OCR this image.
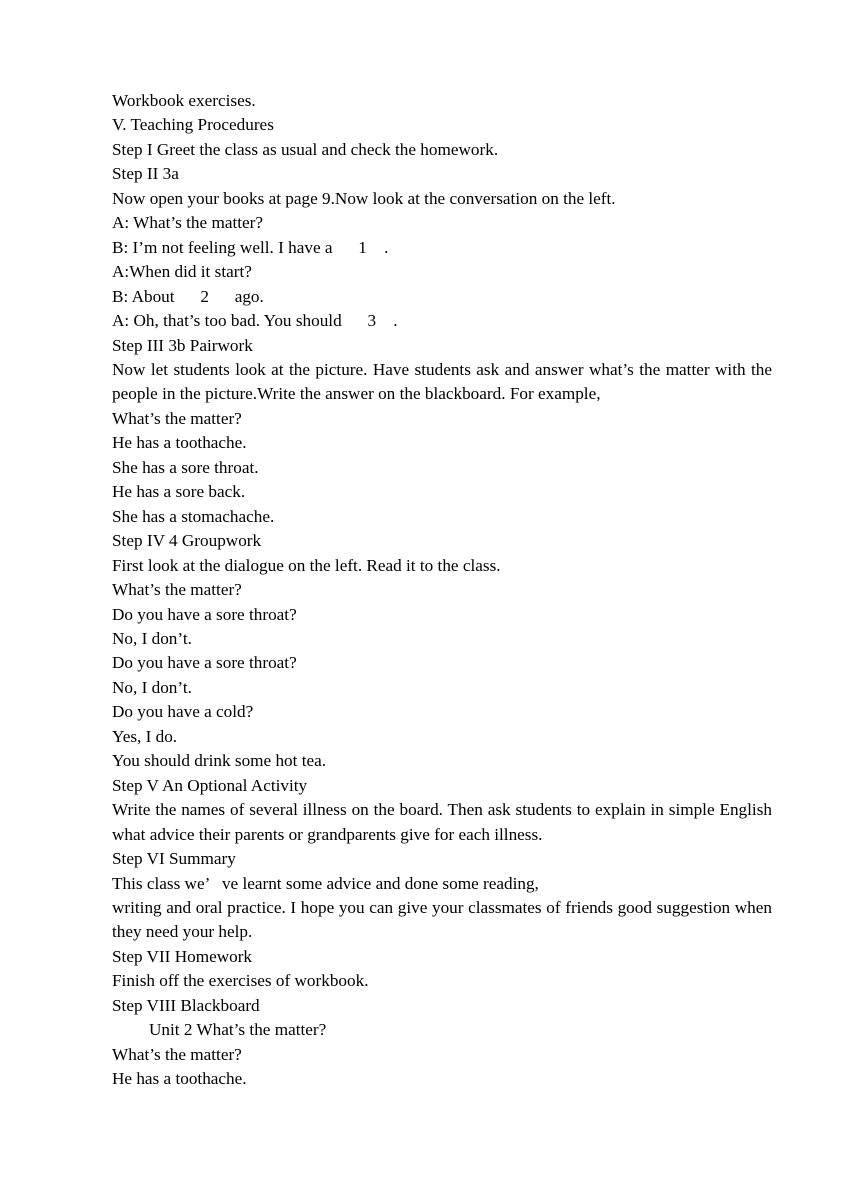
Workbook exercises.
V. Teaching Procedures
Step I Greet the class as usual and check the homework.
Step II 3a
Now open your books at page 9.Now look at the conversation on the left.
A: What’s the matter?
B: I’m not feeling well. I have a      1    .
A:When did it start?
B: About      2      ago.
A: Oh, that’s too bad. You should      3    .
Step III 3b Pairwork
Now let students look at the picture. Have students ask and answer what’s the matter with the people in the picture.Write the answer on the blackboard. For example,
What’s the matter?
He has a toothache.
She has a sore throat.
He has a sore back.
She has a stomachache.
Step IV 4 Groupwork
First look at the dialogue on the left. Read it to the class.
What’s the matter?
Do you have a sore throat?
No, I don’t.
Do you have a sore throat?
No, I don’t.
Do you have a cold?
Yes, I do.
You should drink some hot tea.
Step V An Optional Activity
Write the names of several illness on the board. Then ask students to explain in simple English what advice their parents or grandparents give for each illness.
Step VI Summary
This class we’   ve learnt some advice and done some reading,
writing and oral practice. I hope you can give your classmates of friends good suggestion when they need your help.
Step VII Homework
Finish off the exercises of workbook.
Step VIII Blackboard
Unit 2 What’s the matter?
What’s the matter?
He has a toothache.
